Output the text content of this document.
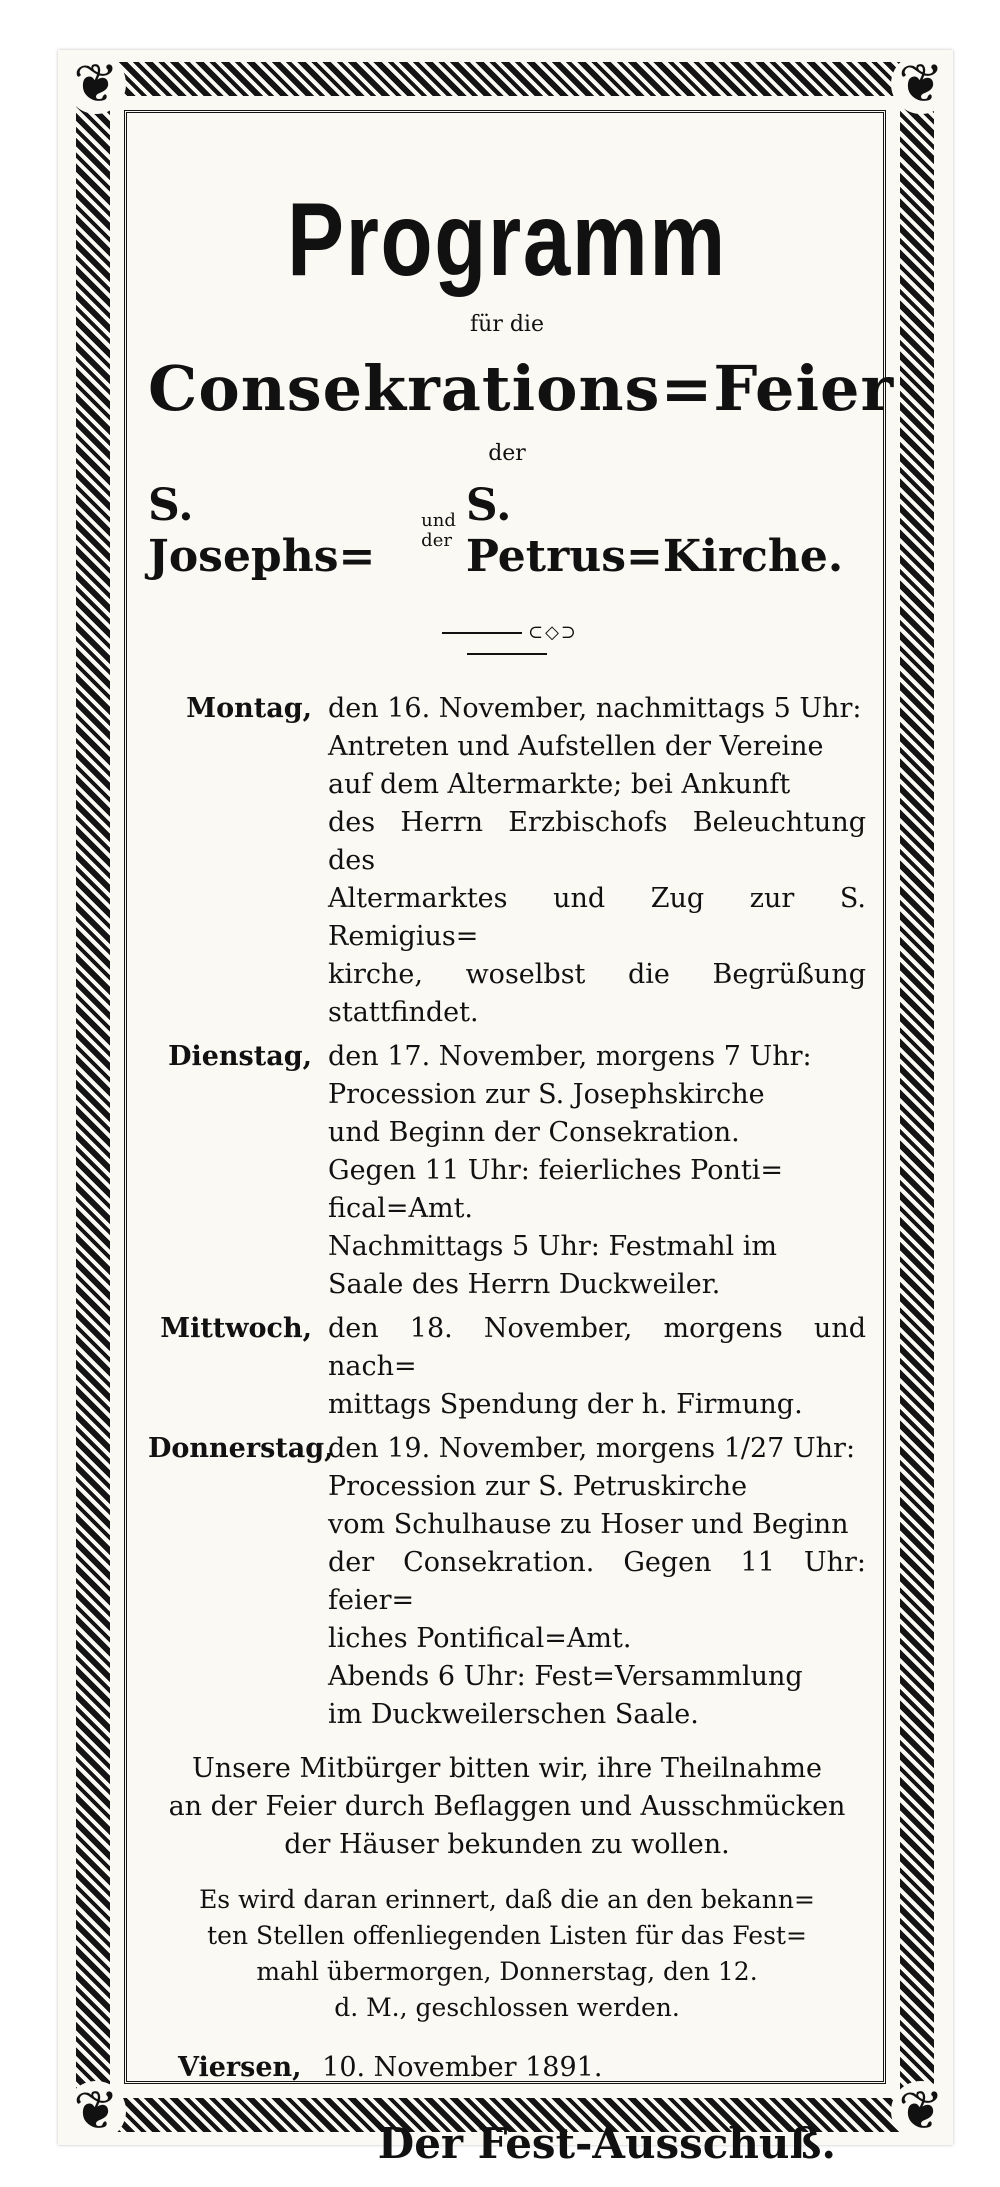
❦	❦
❦	❦
Programm
für die
Consekrations=Feier
der
S. Josephs=
und
der
S. Petrus=Kirche.
⊂◇⊃
Montag, den 16. November, nachmittags 5 Uhr:

Antreten und Aufstellen der Vereine

auf dem Altermarkte; bei Ankunft

des Herrn Erzbischofs Beleuchtung des

Altermarktes und Zug zur S. Remigius=

kirche, woselbst die Begrüßung stattfindet.

Dienstag, den 17. November, morgens 7 Uhr:

Procession zur S. Josephskirche

und Beginn der Consekration.

Gegen 11 Uhr: feierliches Ponti=

fical=Amt.

Nachmittags 5 Uhr: Festmahl im

Saale des Herrn Duckweiler.

Mittwoch, den 18. November, morgens und nach=

mittags Spendung der h. Firmung.

Donnerstag,

den 19. November, morgens 1/27 Uhr:

Procession zur S. Petruskirche

vom Schulhause zu Hoser und Beginn

der Consekration. Gegen 11 Uhr: feier=

liches Pontifical=Amt.

Abends 6 Uhr: Fest=Versammlung

im Duckweilerschen Saale.

Unsere Mitbürger bitten wir, ihre Theilnahme
an der Feier durch Beflaggen und Ausschmücken
der Häuser bekunden zu wollen.
Es wird daran erinnert, daß die an den bekann=
ten Stellen offenliegenden Listen für das Fest=
mahl übermorgen, Donnerstag, den 12.
d. M., geschlossen werden.
Viersen, 10. November 1891.
Der Fest-Ausschuß.
